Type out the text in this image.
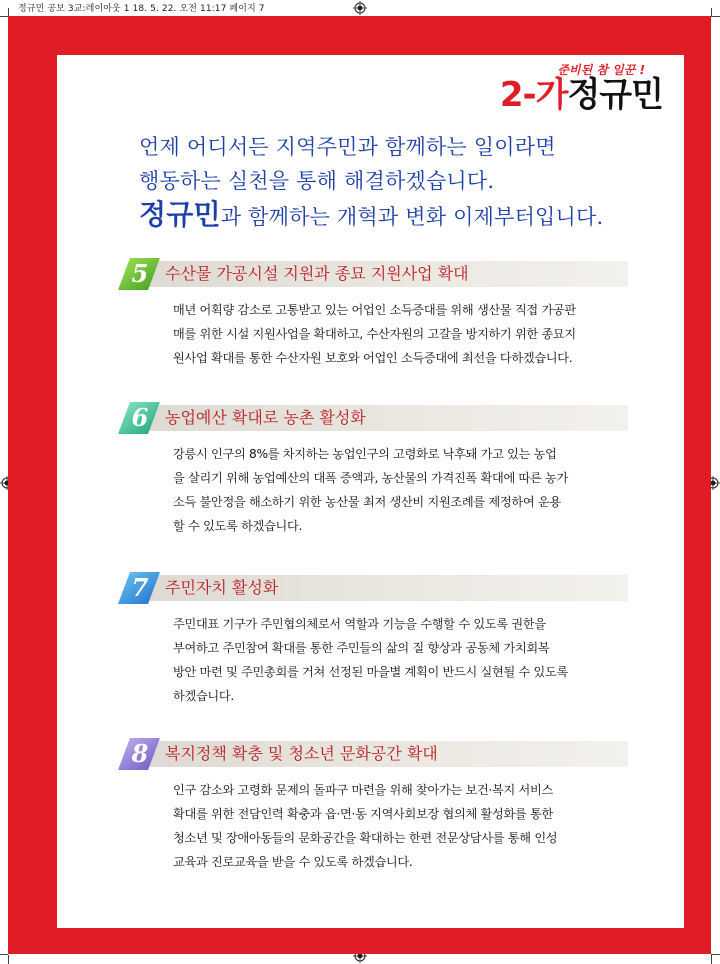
정규민 공보 3교:레이아웃 1 18. 5. 22. 오전 11:17 페이지 7
준비된 참 일꾼 !
2-가정규민
언제 어디서든 지역주민과 함께하는 일이라면
행동하는 실천을 통해 해결하겠습니다.
정규민과 함께하는 개혁과 변화 이제부터입니다.
5	수산물 가공시설 지원과 종묘 지원사업 확대
매년 어획량 감소로 고통받고 있는 어업인 소득증대를 위해 생산물 직접 가공판
매를 위한 시설 지원사업을 확대하고, 수산자원의 고갈을 방지하기 위한 종묘지
원사업 확대를 통한 수산자원 보호와 어업인 소득증대에 최선을 다하겠습니다.
6	농업예산 확대로 농촌 활성화
강릉시 인구의 8%를 차지하는 농업인구의 고령화로 낙후돼 가고 있는 농업
을 살리기 위해 농업예산의 대폭 증액과, 농산물의 가격진폭 확대에 따른 농가
소득 불안정을 해소하기 위한 농산물 최저 생산비 지원조례를 제정하여 운용
할 수 있도록 하겠습니다.
7	주민자치 활성화
주민대표 기구가 주민협의체로서 역할과 기능을 수행할 수 있도록 권한을
부여하고 주민참여 확대를 통한 주민들의 삶의 질 향상과 공동체 가치회복
방안 마련 및 주민총회를 거쳐 선정된 마을별 계획이 반드시 실현될 수 있도록
하겠습니다.
8	복지정책 확충 및 청소년 문화공간 확대
인구 감소와 고령화 문제의 돌파구 마련을 위해 찾아가는 보건·복지 서비스
확대를 위한 전담인력 확충과 읍·면·동 지역사회보장 협의체 활성화를 통한
청소년 및 장애아동들의 문화공간을 확대하는 한편 전문상담사를 통해 인성
교육과 진로교육을 받을 수 있도록 하겠습니다.
